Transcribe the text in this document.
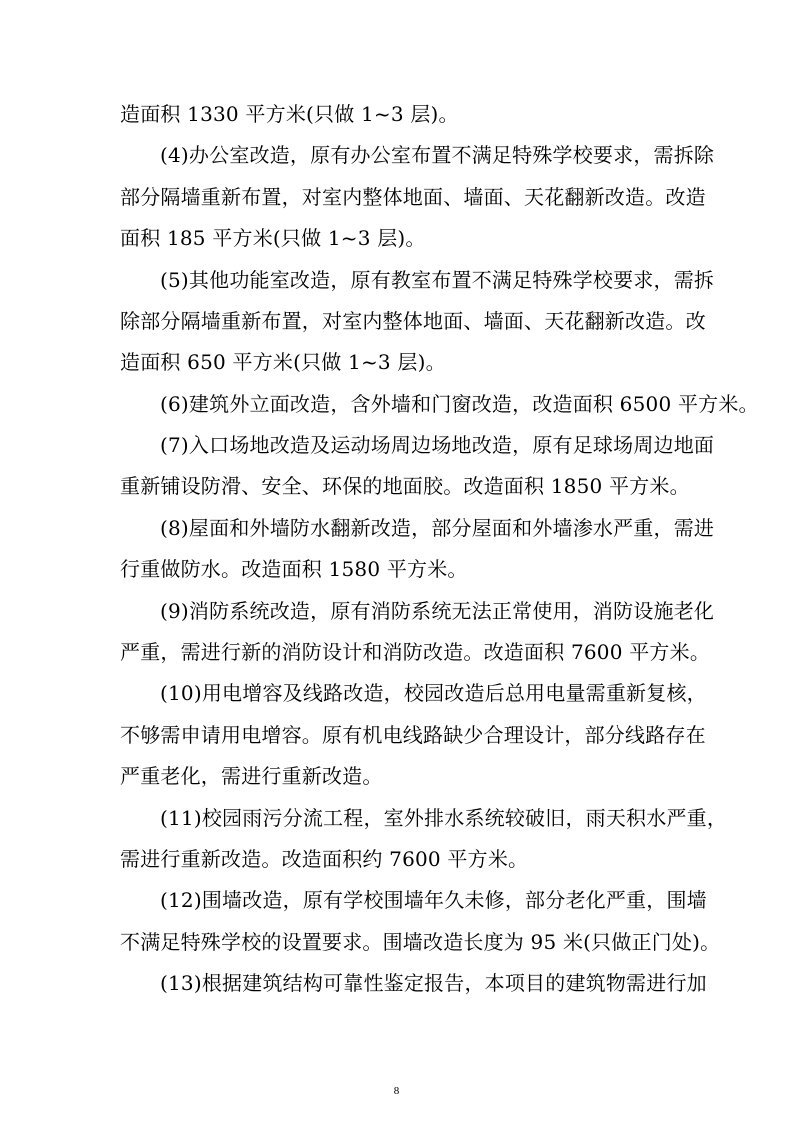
造面积 1330 平方米(只做 1~3 层)。
(4)办公室改造，原有办公室布置不满足特殊学校要求，需拆除
部分隔墙重新布置，对室内整体地面、墙面、天花翻新改造。改造
面积 185 平方米(只做 1~3 层)。
(5)其他功能室改造，原有教室布置不满足特殊学校要求，需拆
除部分隔墙重新布置，对室内整体地面、墙面、天花翻新改造。改
造面积 650 平方米(只做 1~3 层)。
(6)建筑外立面改造，含外墙和门窗改造，改造面积 6500 平方米。
(7)入口场地改造及运动场周边场地改造，原有足球场周边地面
重新铺设防滑、安全、环保的地面胶。改造面积 1850 平方米。
(8)屋面和外墙防水翻新改造，部分屋面和外墙渗水严重，需进
行重做防水。改造面积 1580 平方米。
(9)消防系统改造，原有消防系统无法正常使用，消防设施老化
严重，需进行新的消防设计和消防改造。改造面积 7600 平方米。
(10)用电增容及线路改造，校园改造后总用电量需重新复核，
不够需申请用电增容。原有机电线路缺少合理设计，部分线路存在
严重老化，需进行重新改造。
(11)校园雨污分流工程，室外排水系统较破旧，雨天积水严重，
需进行重新改造。改造面积约 7600 平方米。
(12)围墙改造，原有学校围墙年久未修，部分老化严重，围墙
不满足特殊学校的设置要求。围墙改造长度为 95 米(只做正门处)。
(13)根据建筑结构可靠性鉴定报告，本项目的建筑物需进行加
8
